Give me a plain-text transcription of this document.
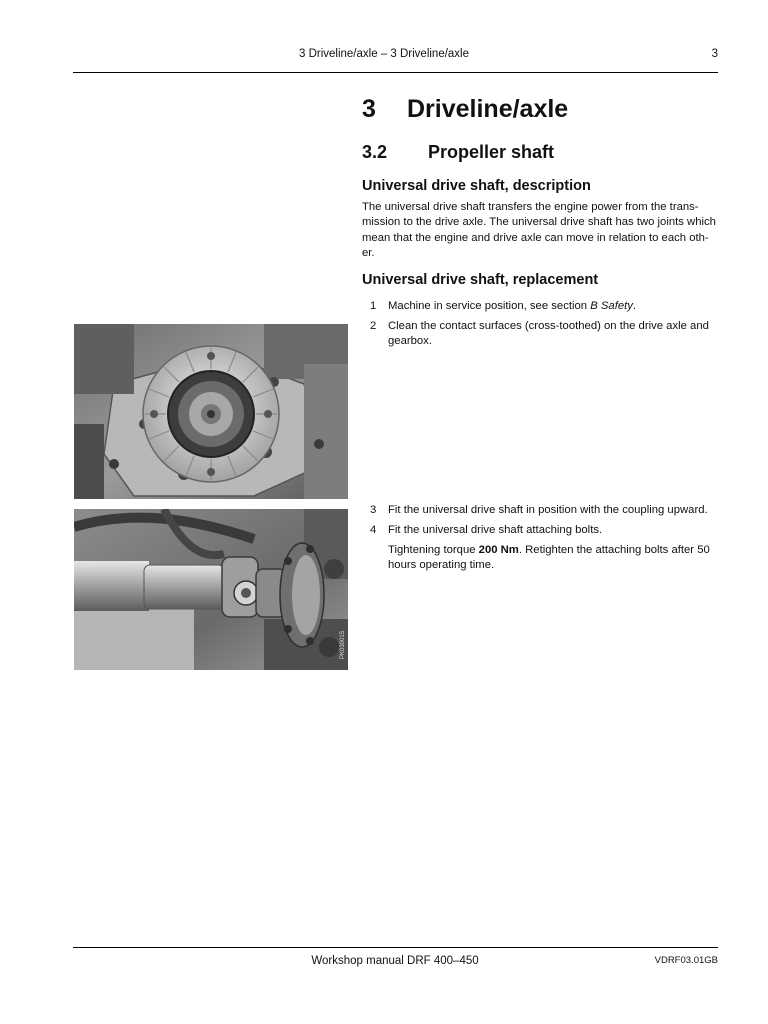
3 Driveline/axle – 3 Driveline/axle	3
3 Driveline/axle
3.2 Propeller shaft
Universal drive shaft, description
The universal drive shaft transfers the engine power from the trans-
mission to the drive axle. The universal drive shaft has two joints which
mean that the engine and drive axle can move in relation to each oth-
er.
Universal drive shaft, replacement
1 Machine in service position, see section B Safety.
2 Clean the contact surfaces (cross-toothed) on the drive axle and
gearbox.
3 Fit the universal drive shaft in position with the coupling upward.
4 Fit the universal drive shaft attaching bolts.
Tightening torque 200 Nm. Retighten the attaching bolts after 50
hours operating time.
PK030015
Workshop manual DRF 400–450	VDRF03.01GB
